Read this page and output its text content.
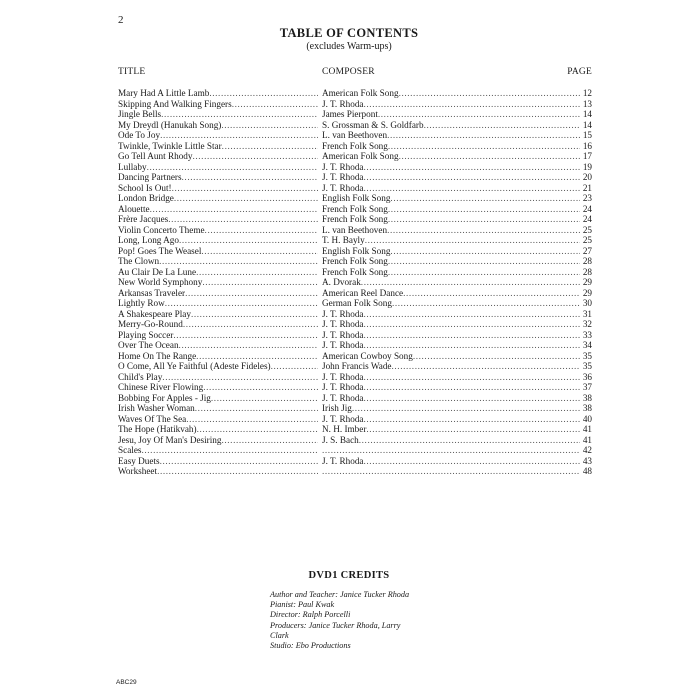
2
TABLE OF CONTENTS
(excludes Warm-ups)
TITLE	COMPOSER	PAGE
Mary Had A Little Lamb .....	American Folk Song .....	12
Skipping And Walking Fingers .....	J. T. Rhoda .....	13
Jingle Bells .....	James Pierpont .....	14
My Dreydl (Hanukah Song) .....	S. Grossman & S. Goldfarb .....	14
Ode To Joy .....	L. van Beethoven .....	15
Twinkle, Twinkle Little Star .....	French Folk Song .....	16
Go Tell Aunt Rhody .....	American Folk Song .....	17
Lullaby .....	J. T. Rhoda .....	19
Dancing Partners .....	J. T. Rhoda .....	20
School Is Out! .....	J. T. Rhoda .....	21
London Bridge .....	English Folk Song .....	23
Alouette .....	French Folk Song .....	24
Frère Jacques .....	French Folk Song .....	24
Violin Concerto Theme .....	L. van Beethoven .....	25
Long, Long Ago .....	T. H. Bayly .....	25
Pop! Goes The Weasel .....	English Folk Song .....	27
The Clown .....	French Folk Song .....	28
Au Clair De La Lune .....	French Folk Song .....	28
New World Symphony .....	A. Dvorak .....	29
Arkansas Traveler .....	American Reel Dance .....	29
Lightly Row .....	German Folk Song .....	30
A Shakespeare Play .....	J. T. Rhoda .....	31
Merry-Go-Round .....	J. T. Rhoda .....	32
Playing Soccer .....	J. T. Rhoda .....	33
Over The Ocean .....	J. T. Rhoda .....	34
Home On The Range .....	American Cowboy Song .....	35
O Come, All Ye Faithful (Adeste Fideles) .....	John Francis Wade .....	35
Child's Play .....	J. T. Rhoda .....	36
Chinese River Flowing .....	J. T. Rhoda .....	37
Bobbing For Apples - Jig .....	J. T. Rhoda .....	38
Irish Washer Woman .....	Irish Jig .....	38
Waves Of The Sea .....	J. T. Rhoda .....	40
The Hope (Hatikvah) .....	N. H. Imber .....	41
Jesu, Joy Of Man's Desiring .....	J. S. Bach .....	41
Scales ..... .....	42
Easy Duets .....	J. T. Rhoda .....	43
Worksheet ..... .....	48
DVD1 CREDITS
Author and Teacher: Janice Tucker Rhoda
Pianist: Paul Kwak
Director: Ralph Porcelli
Producers: Janice Tucker Rhoda, Larry
Clark
Studio: Ebo Productions
ABC29
